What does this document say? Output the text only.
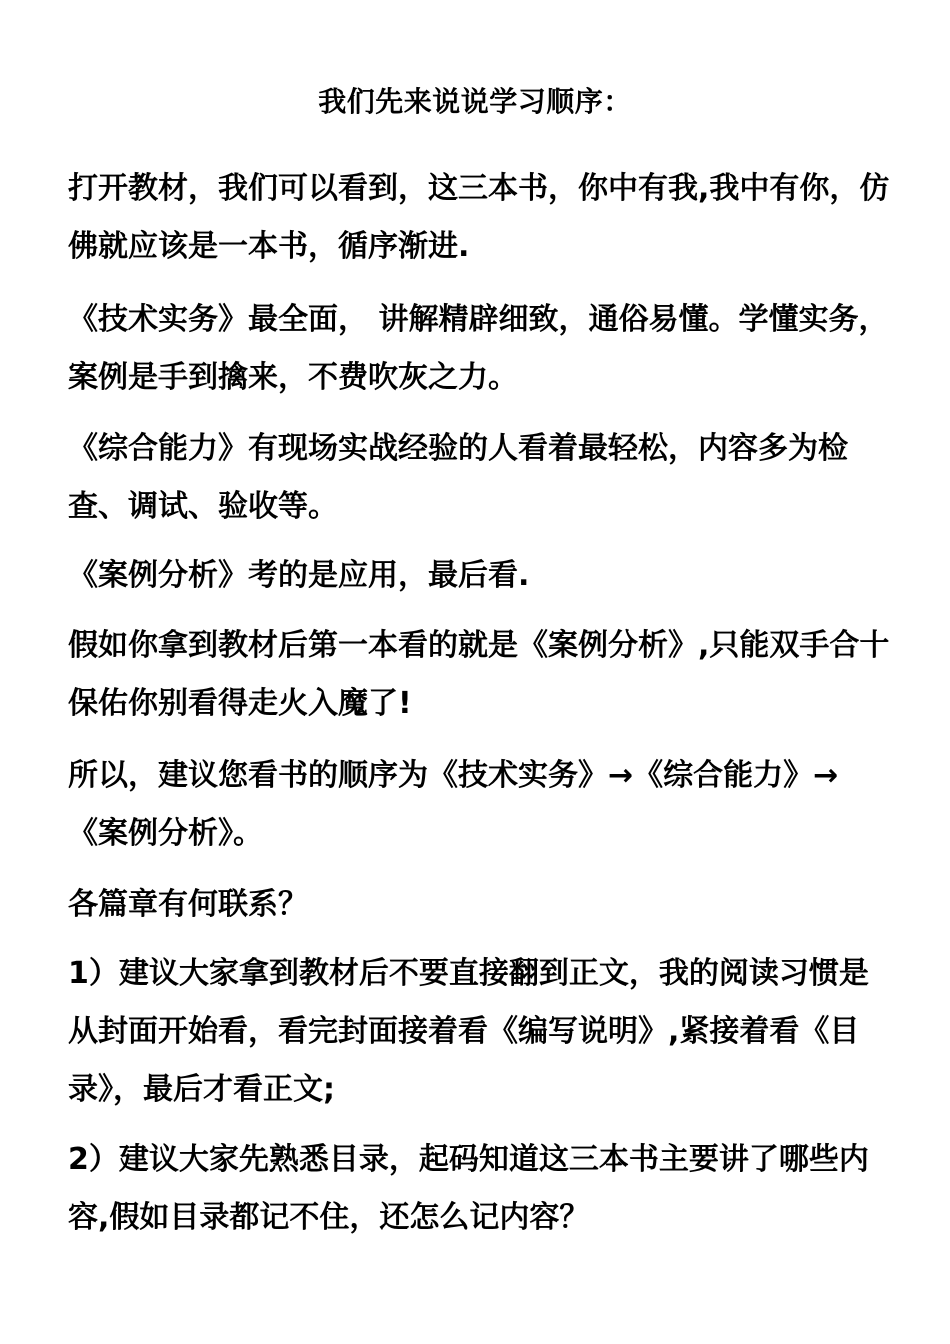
我们先来说说学习顺序：

打开教材，我们可以看到，这三本书，你中有我,我中有你，仿佛就应该是一本书，循序渐进.

《技术实务》最全面， 讲解精辟细致，通俗易懂。学懂实务，案例是手到擒来，不费吹灰之力。

《综合能力》有现场实战经验的人看着最轻松，内容多为检查、调试、验收等。

《案例分析》考的是应用，最后看.

假如你拿到教材后第一本看的就是《案例分析》,只能双手合十保佑你别看得走火入魔了!

所以，建议您看书的顺序为《技术实务》→《综合能力》→《案例分析》。

各篇章有何联系？

1）建议大家拿到教材后不要直接翻到正文，我的阅读习惯是从封面开始看，看完封面接着看《编写说明》,紧接着看《目录》，最后才看正文;

2）建议大家先熟悉目录，起码知道这三本书主要讲了哪些内容,假如目录都记不住，还怎么记内容？
